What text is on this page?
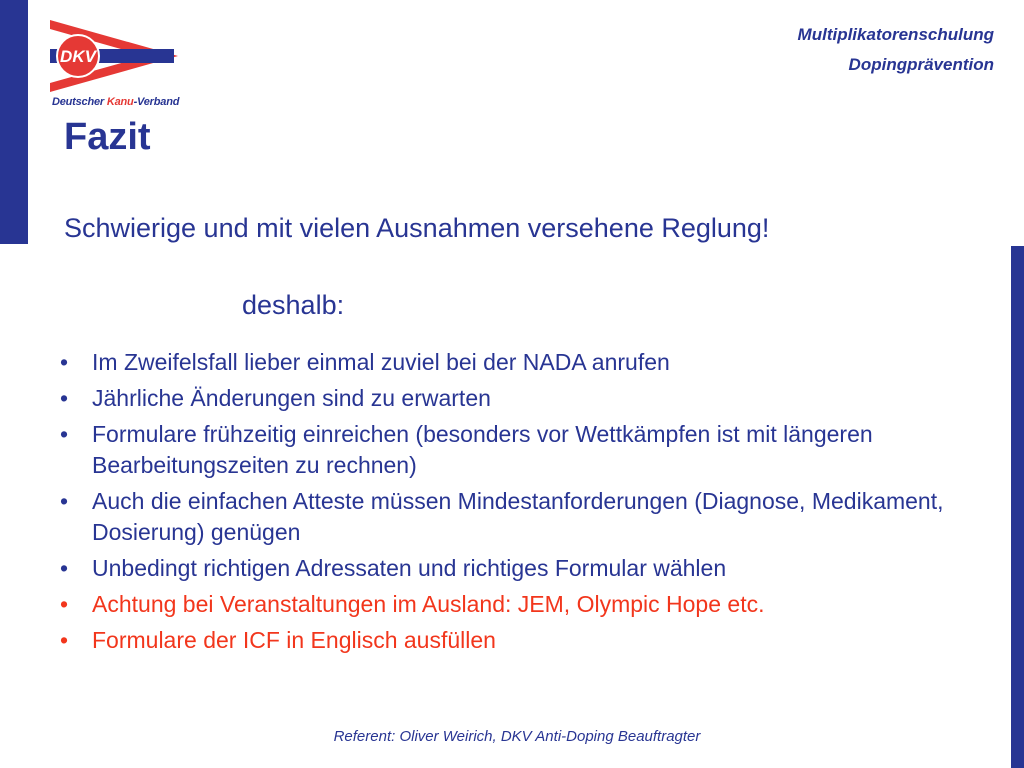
DKV
Deutscher Kanu-Verband
Multiplikatorenschulung
Dopingprävention
Fazit

Schwierige und mit vielen Ausnahmen versehene Reglung!

deshalb:

• Im Zweifelsfall lieber einmal zuviel bei der NADA anrufen
• Jährliche Änderungen sind zu erwarten
• Formulare frühzeitig einreichen (besonders vor Wettkämpfen ist mit längeren Bearbeitungszeiten zu rechnen)
• Auch die einfachen Atteste müssen Mindestanforderungen (Diagnose, Medikament, Dosierung) genügen
• Unbedingt richtigen Adressaten und richtiges Formular wählen
• Achtung bei Veranstaltungen im Ausland: JEM, Olympic Hope etc.
• Formulare der ICF in Englisch ausfüllen
Referent: Oliver Weirich, DKV Anti-Doping Beauftragter
